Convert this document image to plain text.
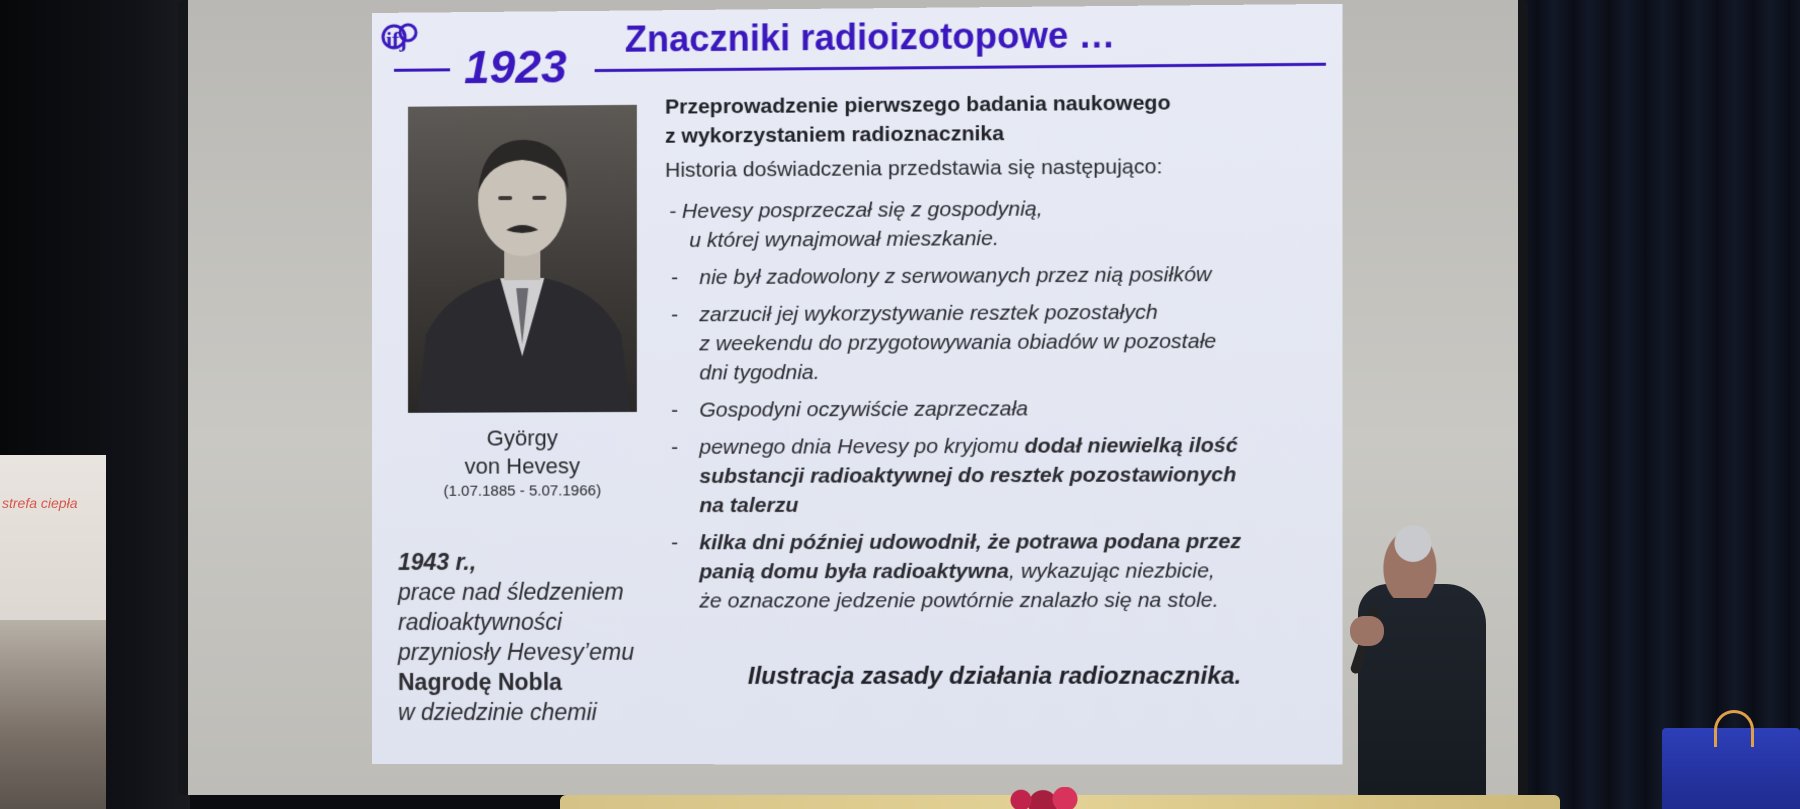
strefa ciepła
ifj
1923
Znaczniki radioizotopowe …
György
von Hevesy
(1.07.1885 - 5.07.1966)
1943 r.,
prace nad śledzeniem
radioaktywności
przyniosły Hevesy’emu
Nagrodę Nobla
w dziedzinie chemii
Przeprowadzenie pierwszego badania naukowego
z wykorzystaniem radioznacznika
Historia doświadczenia przedstawia się następująco:
- Hevesy posprzeczał się z gospodynią,
u której wynajmował mieszkanie.
- nie był zadowolony z serwowanych przez nią posiłków
- zarzucił jej wykorzystywanie resztek pozostałych
z weekendu do przygotowywania obiadów w pozostałe
dni tygodnia.
- Gospodyni oczywiście zaprzeczała
- pewnego dnia Hevesy po kryjomu dodał niewielką ilość
substancji radioaktywnej do resztek pozostawionych
na talerzu
- kilka dni później udowodnił, że potrawa podana przez
panią domu była radioaktywna, wykazując niezbicie,
że oznaczone jedzenie powtórnie znalazło się na stole.
Ilustracja zasady działania radioznacznika.
